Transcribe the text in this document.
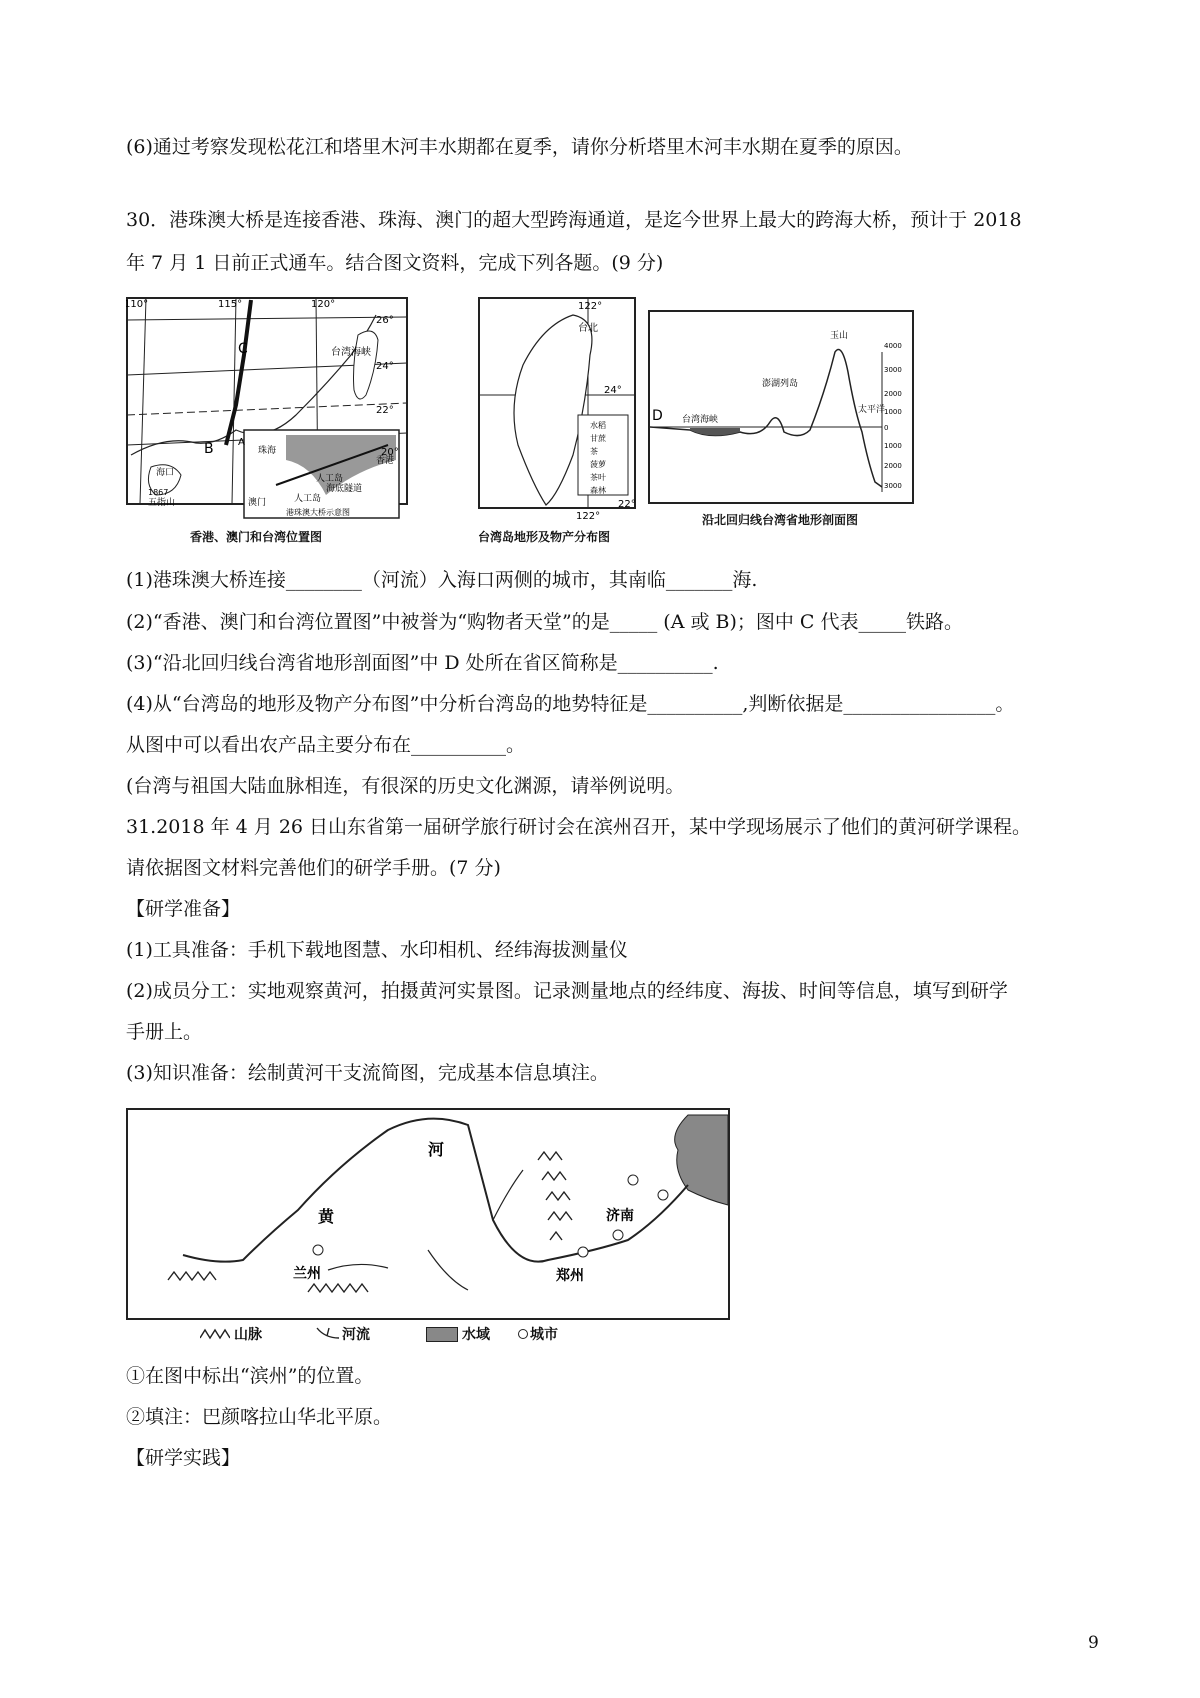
(6)通过考察发现松花江和塔里木河丰水期都在夏季，请你分析塔里木河丰水期在夏季的原因。
30．港珠澳大桥是连接香港、珠海、澳门的超大型跨海通道，是迄今世界上最大的跨海大桥，预计于 2018
年 7 月 1 日前正式通车。结合图文资料，完成下列各题。(9 分)
110°	115°	120°
26°
24°
22°
20°
C
B A
台湾海峡
海口
1867
五指山
珠海
澳门
香港
人工岛
人工岛
海底隧道
港珠澳大桥示意图
香港、澳门和台湾位置图
122°
122°
24°
22°
台北
水稻
甘蔗
茶
菠萝
茶叶
森林
台湾岛地形及物产分布图
D 台湾海峡
澎湖列岛
玉山
太平洋
4000
3000
2000
1000
0
1000
2000
3000
沿北回归线台湾省地形剖面图
(1)港珠澳大桥连接________（河流）入海口两侧的城市，其南临_______海.
(2)“香港、澳门和台湾位置图”中被誉为“购物者天堂”的是_____ (A 或 B)；图中 C 代表_____铁路。
(3)“沿北回归线台湾省地形剖面图”中 D 处所在省区简称是__________.
(4)从“台湾岛的地形及物产分布图”中分析台湾岛的地势特征是__________,判断依据是________________。
从图中可以看出农产品主要分布在__________。
(台湾与祖国大陆血脉相连，有很深的历史文化渊源，请举例说明。
31.2018 年 4 月 26 日山东省第一届研学旅行研讨会在滨州召开，某中学现场展示了他们的黄河研学课程。
请依据图文材料完善他们的研学手册。(7 分)
【研学准备】
(1)工具准备：手机下载地图慧、水印相机、经纬海拔测量仪
(2)成员分工：实地观察黄河，拍摄黄河实景图。记录测量地点的经纬度、海拔、时间等信息，填写到研学
手册上。
(3)知识准备：绘制黄河干支流简图，完成基本信息填注。
河
黄
兰州	郑州
济南
山脉	河流	水域	城市
①在图中标出“滨州”的位置。
②填注：巴颜喀拉山华北平原。
【研学实践】
9
